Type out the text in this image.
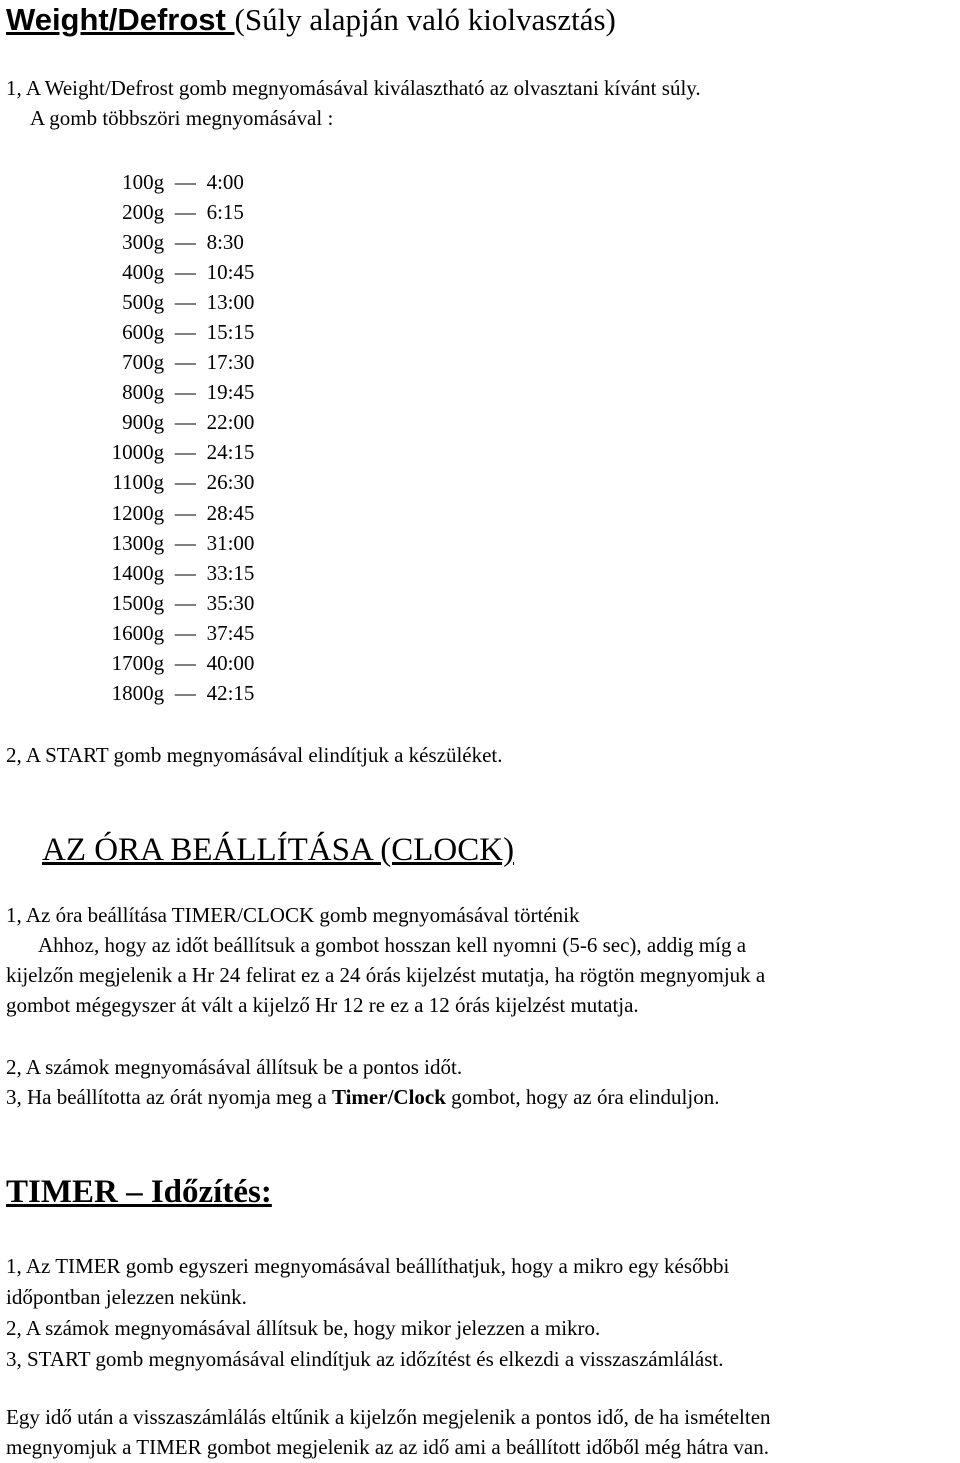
Weight/Defrost (Súly alapján való kiolvasztás)
1, A Weight/Defrost gomb megnyomásával kiválasztható az olvasztani kívánt súly.
A gomb többszöri megnyomásával :
100g — 4:00
200g — 6:15
300g — 8:30
400g — 10:45
500g — 13:00
600g — 15:15
700g — 17:30
800g — 19:45
900g — 22:00
1000g — 24:15
1100g — 26:30
1200g — 28:45
1300g — 31:00
1400g — 33:15
1500g — 35:30
1600g — 37:45
1700g — 40:00
1800g — 42:15
2, A START gomb megnyomásával elindítjuk a készüléket.
AZ ÓRA BEÁLLÍTÁSA (CLOCK)
1, Az óra beállítása TIMER/CLOCK gomb megnyomásával történik
Ahhoz, hogy az időt beállítsuk a gombot hosszan kell nyomni (5-6 sec), addig míg a
kijelzőn megjelenik a Hr 24 felirat ez a 24 órás kijelzést mutatja, ha rögtön megnyomjuk a
gombot mégegyszer át vált a kijelző Hr 12 re ez a 12 órás kijelzést mutatja.
2, A számok megnyomásával állítsuk be a pontos időt.
3, Ha beállította az órát nyomja meg a Timer/Clock gombot, hogy az óra elinduljon.
TIMER – Időzítés:
1, Az TIMER gomb egyszeri megnyomásával beállíthatjuk, hogy a mikro egy későbbi
időpontban jelezzen nekünk.
2, A számok megnyomásával állítsuk be, hogy mikor jelezzen a mikro.
3, START gomb megnyomásával elindítjuk az időzítést és elkezdi a visszaszámlálást.
Egy idő után a visszaszámlálás eltűnik a kijelzőn megjelenik a pontos idő, de ha ismételten
megnyomjuk a TIMER gombot megjelenik az az idő ami a beállított időből még hátra van.
